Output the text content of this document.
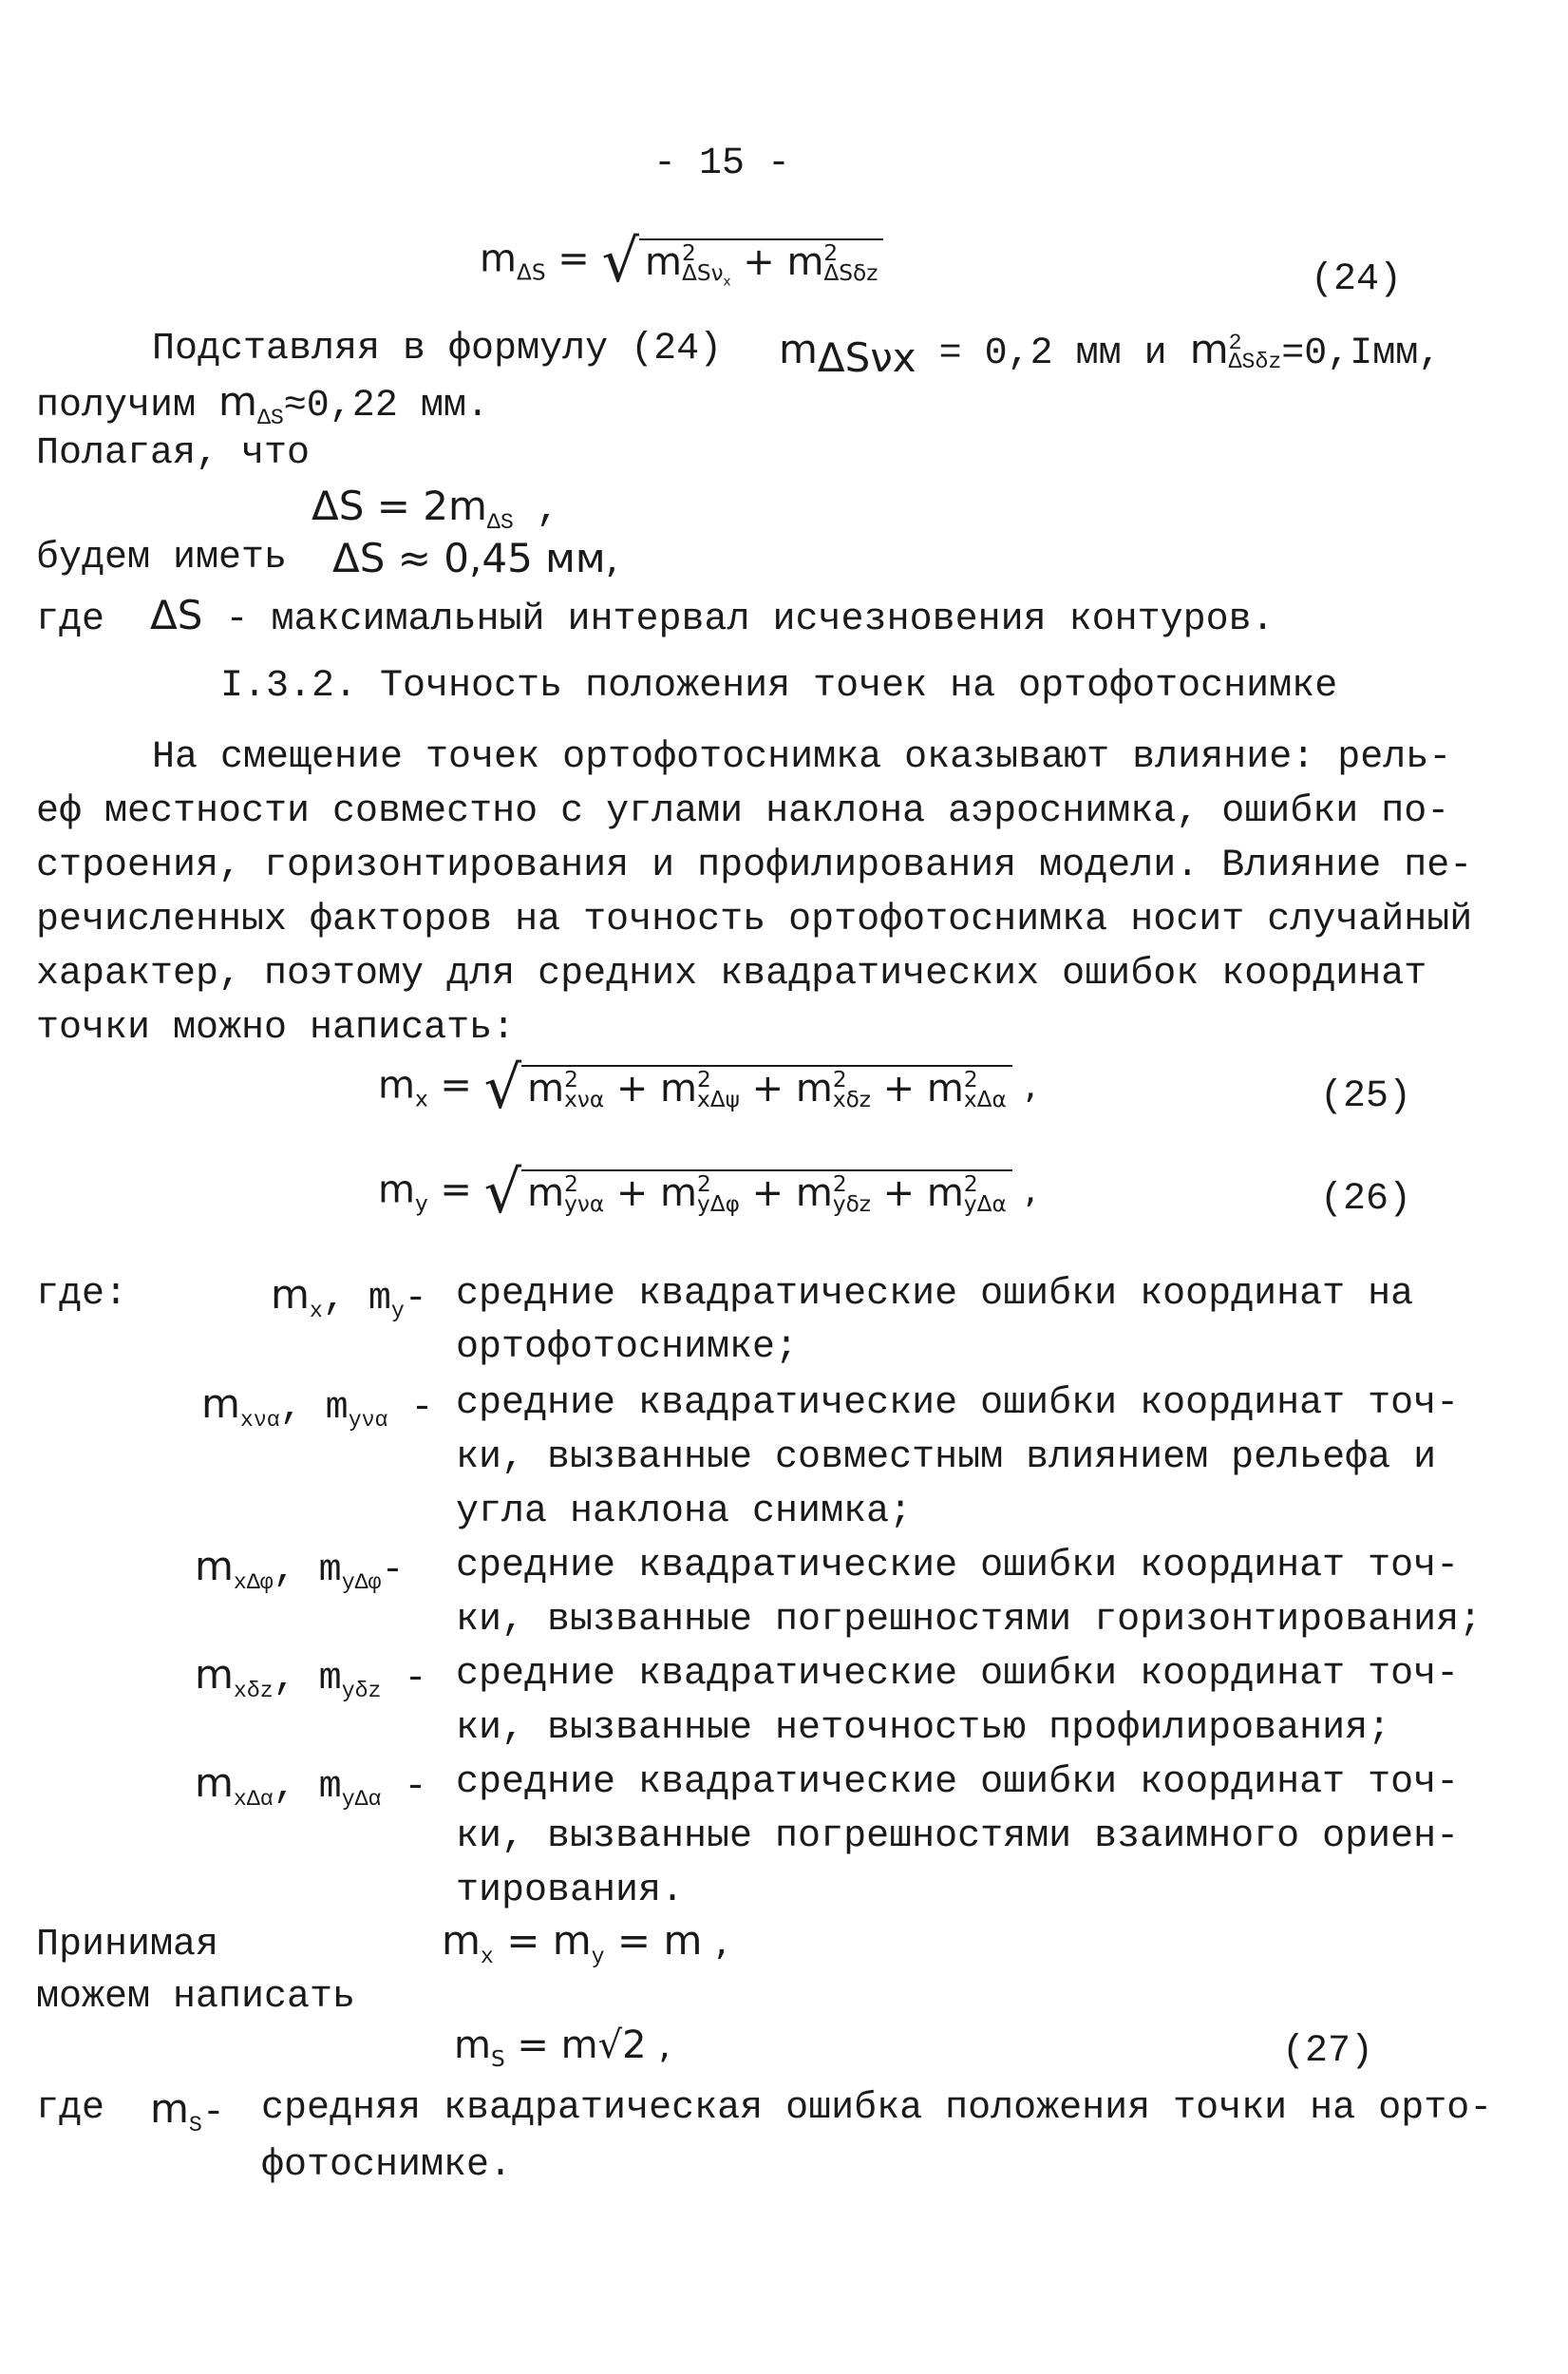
- 15 -
$m_{\Delta S} = √m$ 2
ΔSν$_x$ + m 2
ΔSδz	(24)
Подставляя в формулу (24) $m_{\Delta S\nu x} = 0,2$ мм и m 2
ΔSδz =0,Iмм,
получим $m_{\Delta S}\approx 0,22$ мм.
Полагая, что
$\Delta S = 2m_{\Delta S}$ ,
будем иметь ΔS ≈ 0,45 мм,
где ΔS - максимальный интервал исчезновения контуров.
I.3.2. Точность положения точек на ортофотоснимке
На смещение точек ортофотоснимка оказывают влияние: рель-
еф местности совместно с углами наклона аэроснимка, ошибки по-
строения, горизонтирования и профилирования модели. Влияние пе-
речисленных факторов на точность ортофотоснимка носит случайный
характер, поэтому для средних квадратических ошибок координат
точки можно написать:
$m_x = √m$ 2
xνα + m 2
xΔψ + m 2
xδz + m 2
xΔα ,	(25)
$m_y = √m$ 2
yνα + m 2
yΔφ + m 2
yδz + m 2
yΔα ,	(26)
где:	$m_x$, $m_y-$ средние квадратические ошибки координат на
ортофотоснимке;
$m_{x\nu\alpha}$, $m_{y\nu\alpha}$ - средние квадратические ошибки координат точ-
ки, вызванные совместным влиянием рельефа и
угла наклона снимка;
$m_{x\Delta\varphi}$, $m_{y\Delta\varphi}-$ средние квадратические ошибки координат точ-
ки, вызванные погрешностями горизонтирования;
$m_{x\delta z}$, $m_{y\delta z}$ - средние квадратические ошибки координат точ-
ки, вызванные неточностью профилирования;
$m_{x\Delta\alpha}$, $m_{y\Delta\alpha}$ - средние квадратические ошибки координат точ-
ки, вызванные погрешностями взаимного ориен-
тирования.
Принимая	$m_x = m_y = m$ ,
можем написать
$m_S = m√2$ ,	(27)
где $m_S-$ средняя квадратическая ошибка положения точки на орто-
фотоснимке.
